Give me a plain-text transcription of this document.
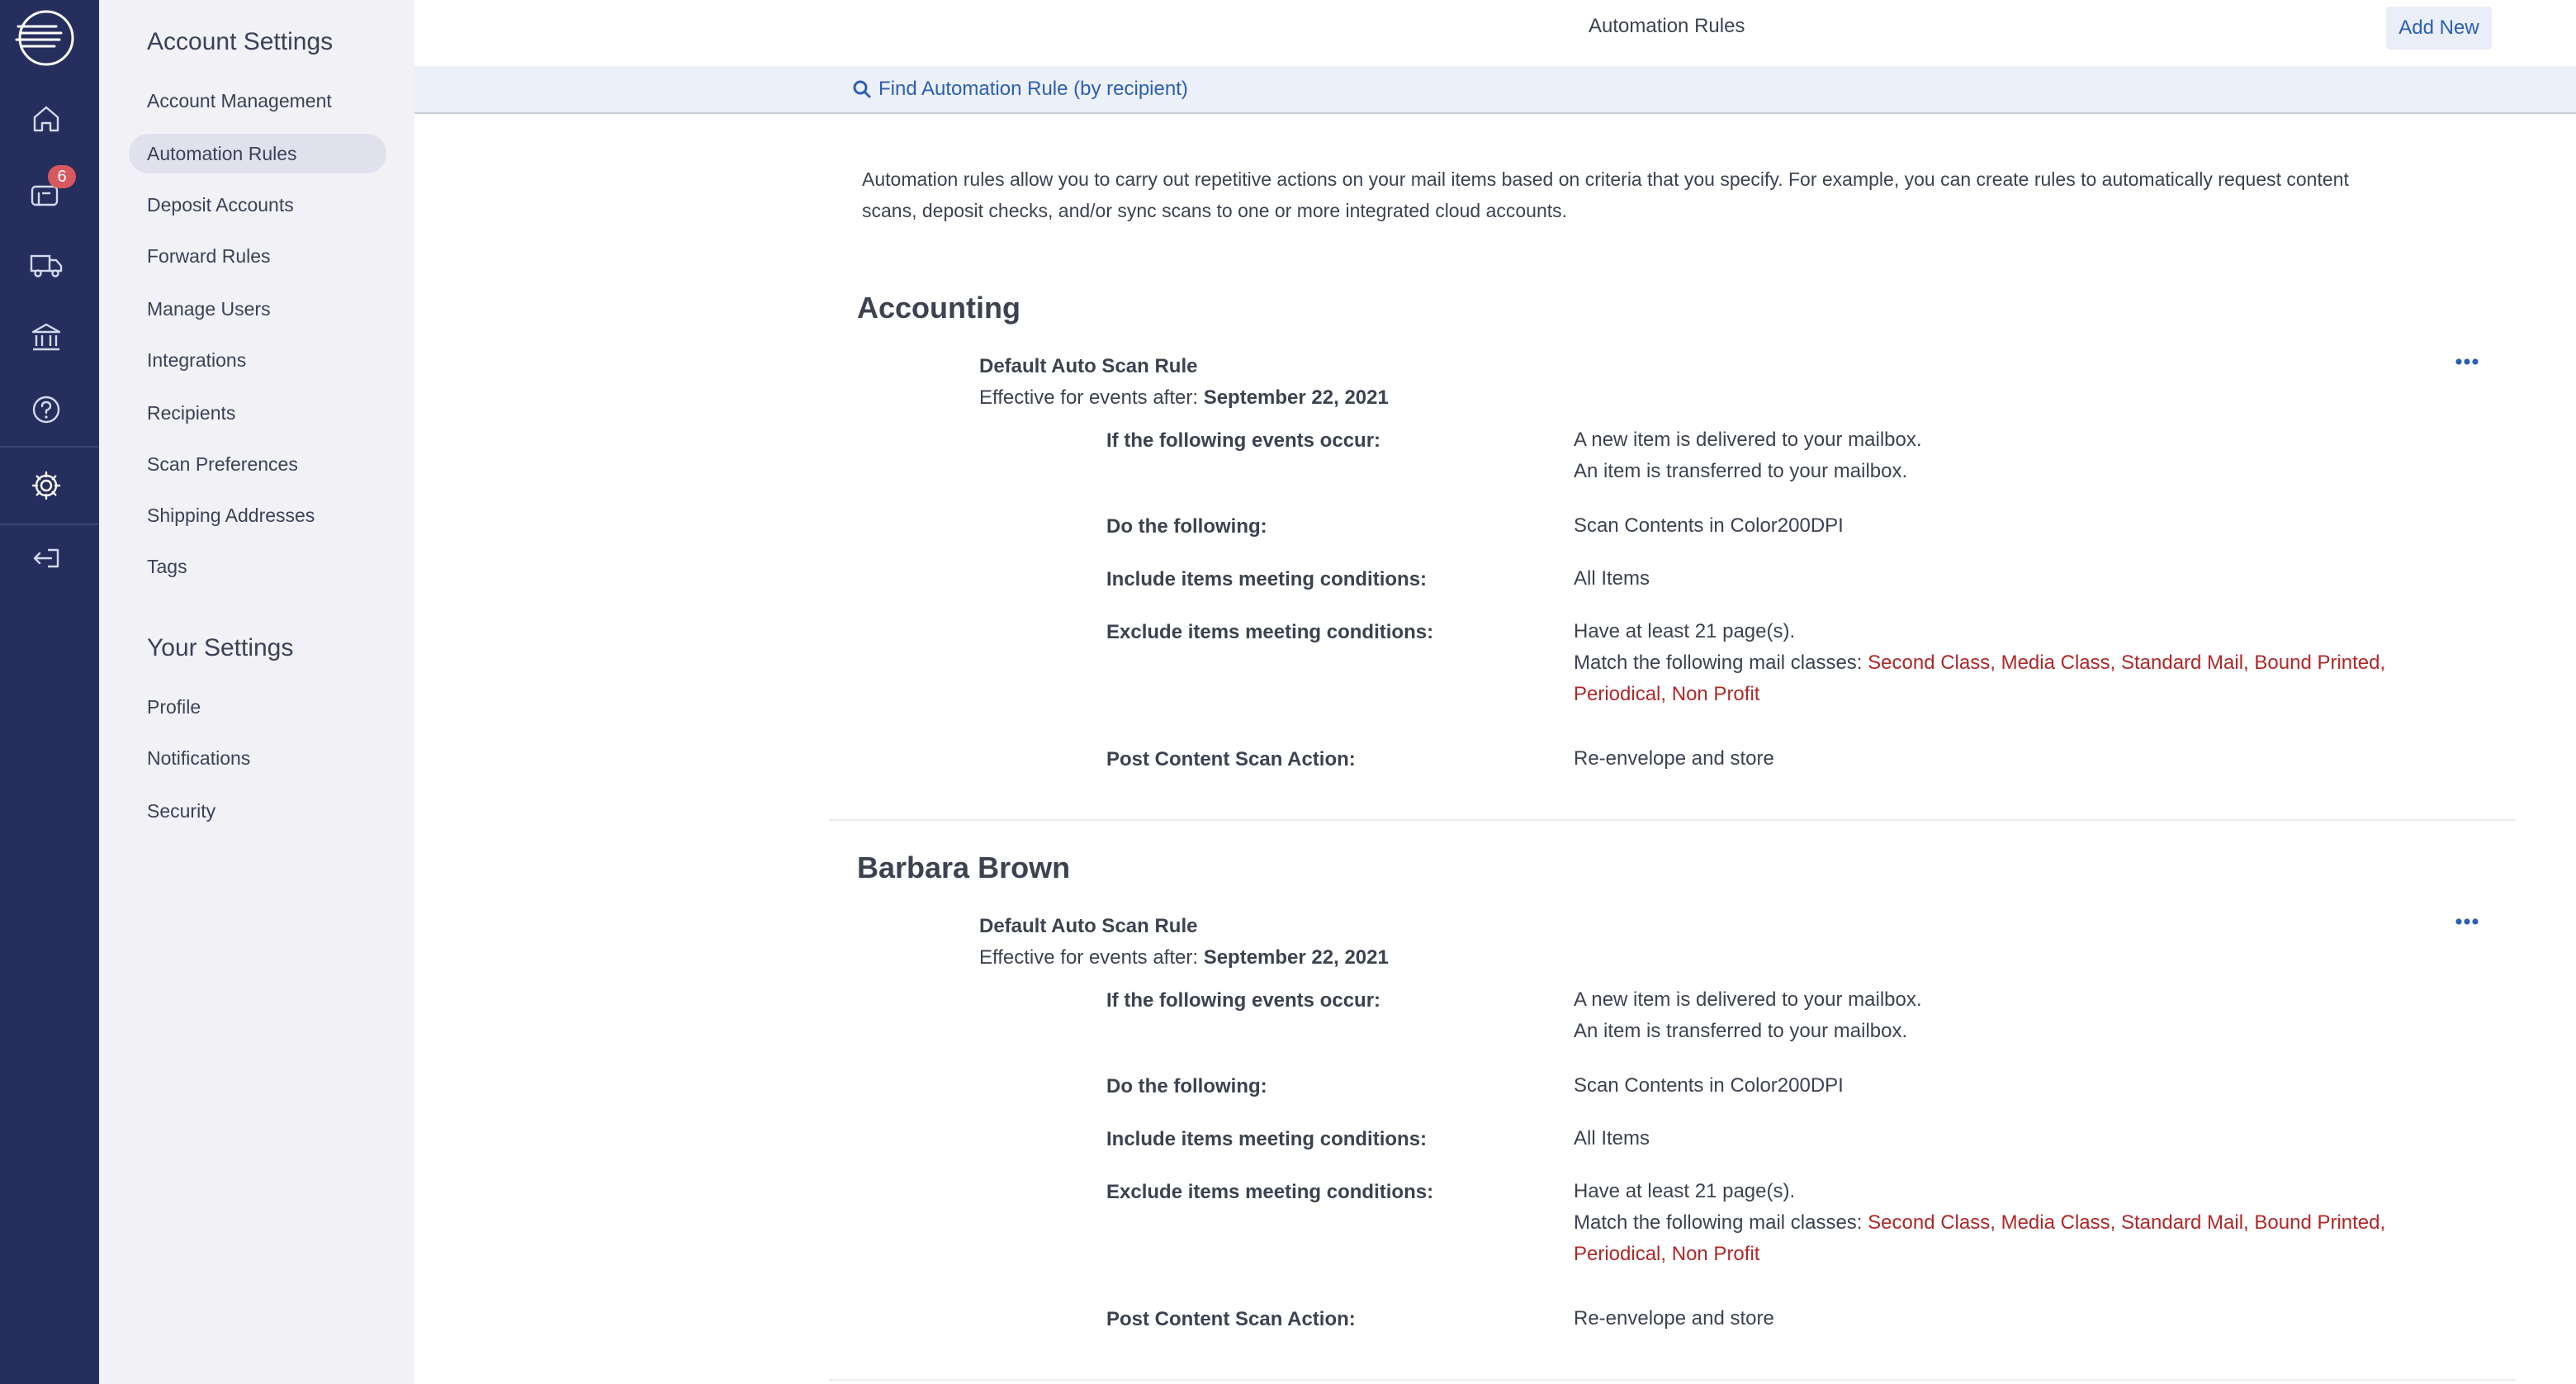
6
Account Settings
Account Management
Automation Rules
Deposit Accounts
Forward Rules
Manage Users
Integrations
Recipients
Scan Preferences
Shipping Addresses
Tags
Your Settings
Profile
Notifications
Security
Automation Rules	Add New
Find Automation Rule (by recipient)
Automation rules allow you to carry out repetitive actions on your mail items based on criteria that you specify. For example, you can create rules to automatically request content
scans, deposit checks, and/or sync scans to one or more integrated cloud accounts.
Accounting
Default Auto Scan Rule
Effective for events after: September 22, 2021
If the following events occur:	A new item is delivered to your mailbox.
An item is transferred to your mailbox.
Do the following:	Scan Contents in Color200DPI
Include items meeting conditions:	All Items
Exclude items meeting conditions:	Have at least 21 page(s).
Match the following mail classes: Second Class, Media Class, Standard Mail, Bound Printed,
Periodical, Non Profit
Post Content Scan Action:	Re-envelope and store
Barbara Brown
Default Auto Scan Rule
Effective for events after: September 22, 2021
If the following events occur:	A new item is delivered to your mailbox.
An item is transferred to your mailbox.
Do the following:	Scan Contents in Color200DPI
Include items meeting conditions:	All Items
Exclude items meeting conditions:	Have at least 21 page(s).
Match the following mail classes: Second Class, Media Class, Standard Mail, Bound Printed,
Periodical, Non Profit
Post Content Scan Action:	Re-envelope and store
